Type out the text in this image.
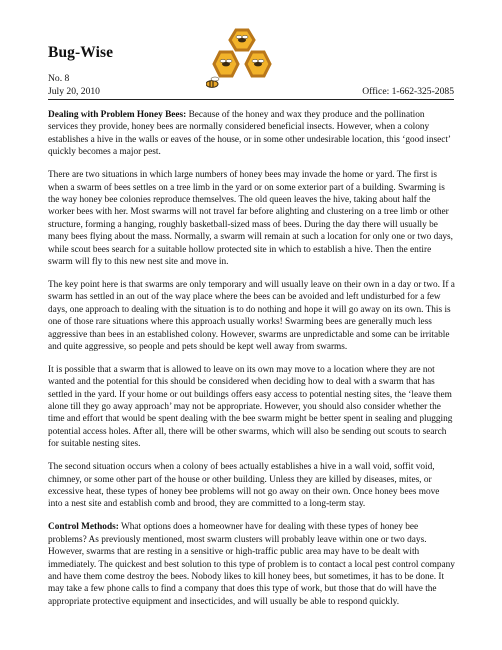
Bug-Wise
No. 8
July 20, 2010	Office: 1-662-325-2085

Dealing with Problem Honey Bees: Because of the honey and wax they produce and the pollination services they provide, honey bees are normally considered beneficial insects. However, when a colony establishes a hive in the walls or eaves of the house, or in some other undesirable location, this ‘good insect’ quickly becomes a major pest.

There are two situations in which large numbers of honey bees may invade the home or yard. The first is when a swarm of bees settles on a tree limb in the yard or on some exterior part of a building. Swarming is the way honey bee colonies reproduce themselves. The old queen leaves the hive, taking about half the worker bees with her. Most swarms will not travel far before alighting and clustering on a tree limb or other structure, forming a hanging, roughly basketball-sized mass of bees. During the day there will usually be many bees flying about the mass. Normally, a swarm will remain at such a location for only one or two days, while scout bees search for a suitable hollow protected site in which to establish a hive. Then the entire swarm will fly to this new nest site and move in.

The key point here is that swarms are only temporary and will usually leave on their own in a day or two. If a swarm has settled in an out of the way place where the bees can be avoided and left undisturbed for a few days, one approach to dealing with the situation is to do nothing and hope it will go away on its own. This is one of those rare situations where this approach usually works! Swarming bees are generally much less aggressive than bees in an established colony. However, swarms are unpredictable and some can be irritable and quite aggressive, so people and pets should be kept well away from swarms.

It is possible that a swarm that is allowed to leave on its own may move to a location where they are not wanted and the potential for this should be considered when deciding how to deal with a swarm that has settled in the yard. If your home or out buildings offers easy access to potential nesting sites, the ‘leave them alone till they go away approach’ may not be appropriate. However, you should also consider whether the time and effort that would be spent dealing with the bee swarm might be better spent in sealing and plugging potential access holes. After all, there will be other swarms, which will also be sending out scouts to search for suitable nesting sites.

The second situation occurs when a colony of bees actually establishes a hive in a wall void, soffit void, chimney, or some other part of the house or other building. Unless they are killed by diseases, mites, or excessive heat, these types of honey bee problems will not go away on their own. Once honey bees move into a nest site and establish comb and brood, they are committed to a long-term stay.

Control Methods: What options does a homeowner have for dealing with these types of honey bee problems? As previously mentioned, most swarm clusters will probably leave within one or two days. However, swarms that are resting in a sensitive or high-traffic public area may have to be dealt with immediately. The quickest and best solution to this type of problem is to contact a local pest control company and have them come destroy the bees. Nobody likes to kill honey bees, but sometimes, it has to be done. It may take a few phone calls to find a company that does this type of work, but those that do will have the appropriate protective equipment and insecticides, and will usually be able to respond quickly.
